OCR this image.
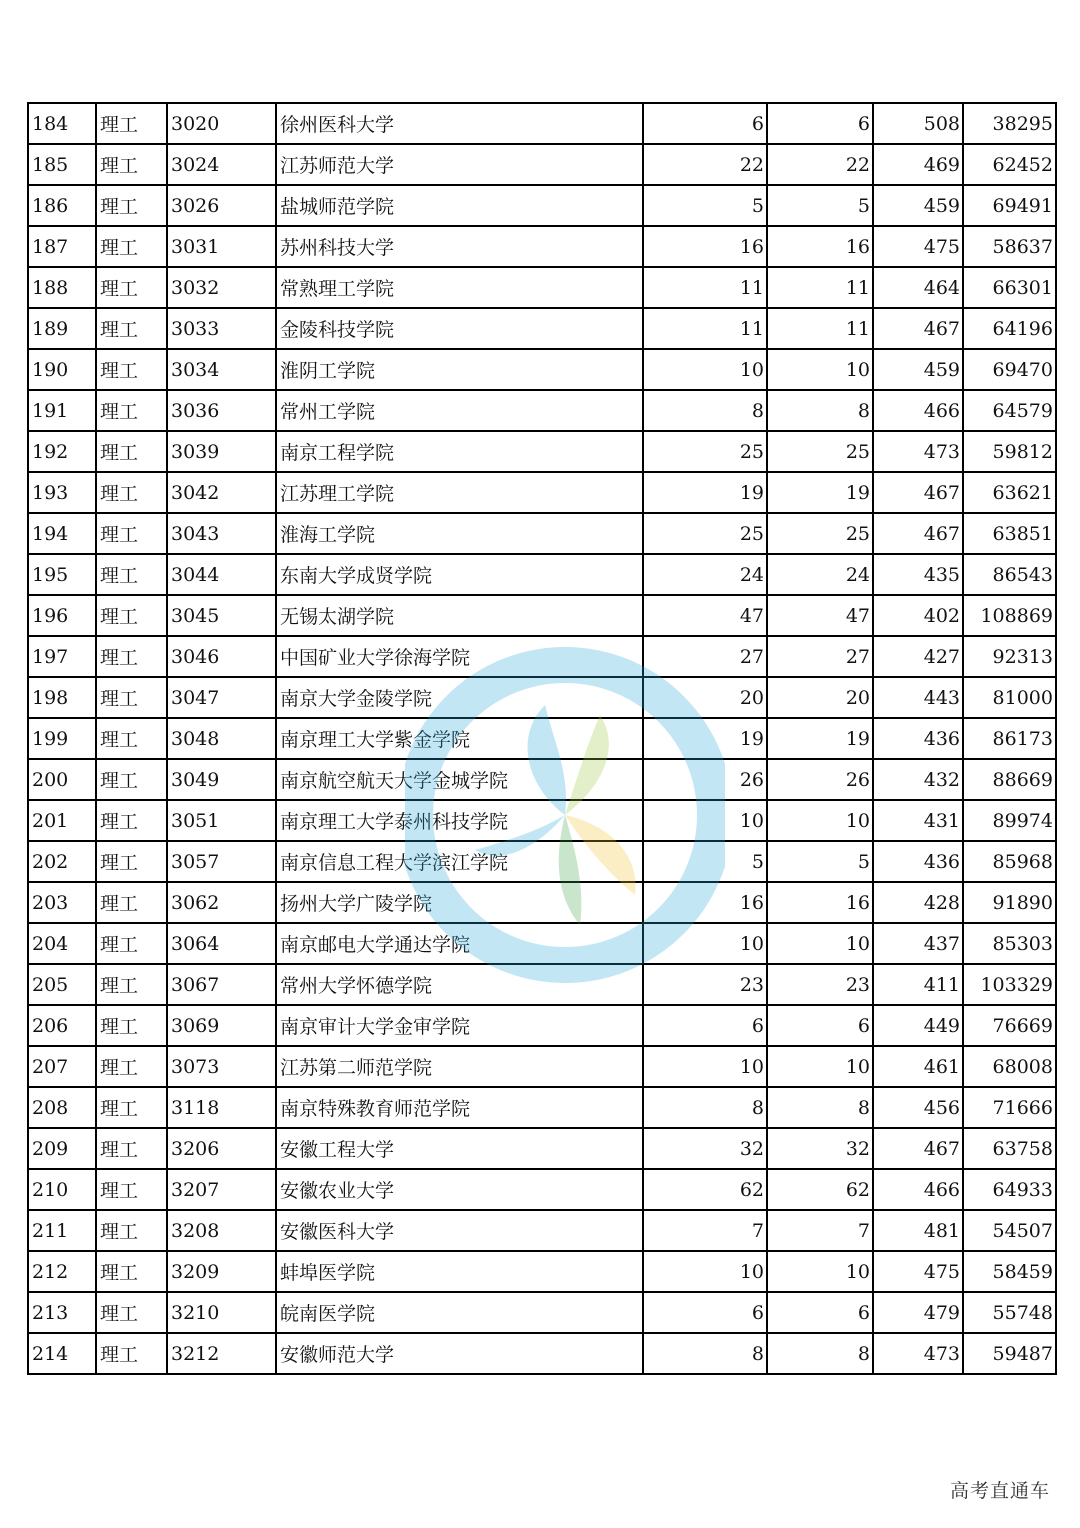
184	理工	3020	徐州医科大学	6	6	508	38295
185	理工	3024	江苏师范大学	22	22	469	62452
186	理工	3026	盐城师范学院	5	5	459	69491
187	理工	3031	苏州科技大学	16	16	475	58637
188	理工	3032	常熟理工学院	11	11	464	66301
189	理工	3033	金陵科技学院	11	11	467	64196
190	理工	3034	淮阴工学院	10	10	459	69470
191	理工	3036	常州工学院	8	8	466	64579
192	理工	3039	南京工程学院	25	25	473	59812
193	理工	3042	江苏理工学院	19	19	467	63621
194	理工	3043	淮海工学院	25	25	467	63851
195	理工	3044	东南大学成贤学院	24	24	435	86543
196	理工	3045	无锡太湖学院	47	47	402	108869
197	理工	3046	中国矿业大学徐海学院	27	27	427	92313
198	理工	3047	南京大学金陵学院	20	20	443	81000
199	理工	3048	南京理工大学紫金学院	19	19	436	86173
200	理工	3049	南京航空航天大学金城学院	26	26	432	88669
201	理工	3051	南京理工大学泰州科技学院	10	10	431	89974
202	理工	3057	南京信息工程大学滨江学院	5	5	436	85968
203	理工	3062	扬州大学广陵学院	16	16	428	91890
204	理工	3064	南京邮电大学通达学院	10	10	437	85303
205	理工	3067	常州大学怀德学院	23	23	411	103329
206	理工	3069	南京审计大学金审学院	6	6	449	76669
207	理工	3073	江苏第二师范学院	10	10	461	68008
208	理工	3118	南京特殊教育师范学院	8	8	456	71666
209	理工	3206	安徽工程大学	32	32	467	63758
210	理工	3207	安徽农业大学	62	62	466	64933
211	理工	3208	安徽医科大学	7	7	481	54507
212	理工	3209	蚌埠医学院	10	10	475	58459
213	理工	3210	皖南医学院	6	6	479	55748
214	理工	3212	安徽师范大学	8	8	473	59487
高考直通车
